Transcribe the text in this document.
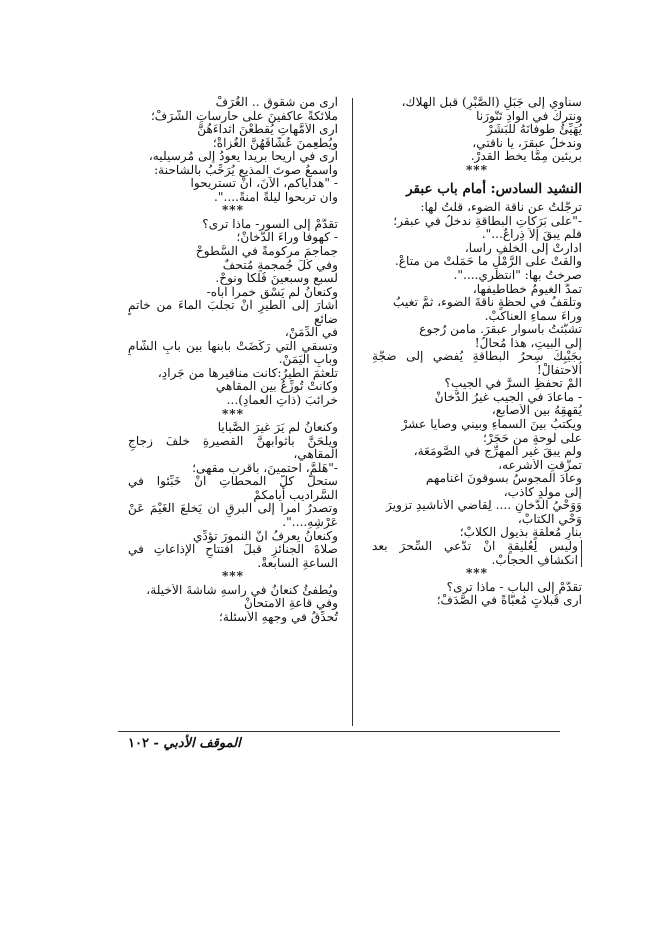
سنأوي إلى جَبَلِ (الصَّبْرِ) قبل الهلاك،
ونتركُ في الوادِ تَنُّورَنا
يُهَيِّئُ طوفانَهُ للبَشَرْ
وندخلُ عبقرَ، يا ناقتي،
بريئين مِمَّا يخطُّ القدرْ.
***
النشيد السادس: أمام باب عبقر
ترجَّلتُ عن ناقة الضوء، قلتُ لها:
-"على بَرَكاتِ البطاقةِ ندخلُ في عبقرٍ؛
فلم يبقَ إلاَّ ذِراعٌ...".
أدارتْ إلى الخلفِ رأساً،
وألقتْ على الرَّمْلِ ما حَمَلَتْ من متاعْ.
صرختُ بها: "انتظري....".
تمدُّ الغيومُ خطاطيفها،
وتلقفُ في لحظةٍ ناقةَ الضوء، ثمَّ تغيبُ
وراءَ سماءِ العناكبْ.
تشبَّثتُ بأسوار عبقرَ. مامن رُجوعٍ
إلى البيتِ، هذا مُحالُ!
بِجَيْبِكَ سِحرُ البطاقةِ يُفضي إلى ضجَّةِ الاحتفالْ!
ألمْ تحفظِ السرَّ في الجيبِ؟
- ماعادَ في الجيبِ غيرُ الدُّخانْ
يُقهقِهُ بين الأصابعِ،
ويكتبُ بينَ السماءِ وبيني وصايا عشرْ
على لوحةٍ من حَجَرْ؛
ولم يبقَ غير المهرِّج في الصَّومَعَة،
تمزَّقتِ الأشرعه،
وعادَ المجوسُ بسوقونَ أغنامهم
إلى مولدٍ كاذبٍ،
وَوَحْيُ الدُّخانِ .... لِقاضي الأناشيدِ تزويرَ
وَحْي الكتابْ،
بنارٍ مُعلَّقةٍ بذيول الكلابْ؛
وليس لِعُلَّيقةٍ أَنْ تدَّعي السِّحرَ بعد انكشافِ الحجابْ.
***
تقدَّمْ إلى البابِ - ماذا ترى؟
أرى قُبلاتٍ مُعبَّأةً في الصَّدَفْ؛
أرى من شقوقٍ .. الغُرَفْ
ملائكةً عاكفينَ على حارساتِ الشَّرَفْ؛
أرى الأمَّهاتِ يُقطِّعْنَ أثداءَهُنَّ
ويُطعِمنَ عُشَّاقَهُنَّ الغُزاةْ؛
أرى في أريحا بريداً يعودُ إلى مُرسيليه،
وأسمعُ صوتَ المذيعِ يُرَحِّبُ بالشاحنة:
- "هداياكم، الآنَ، أنْ تستريحوا
وأن تربحوا ليلةً آمنةً....".
***
تقدَّمْ إلى السورِ- ماذا ترى؟
- كهوفاً وراءَ الدُّخانْ؛
جماجمَ مركومةً في السُّطوحْ
وفي كُلِّ جُمجمةٍ مُتحفٌ
لسبعٍ وسبعينَ فُلكاً ونوحْ.
وكنعانُ لم يَسْقِ خمراً أباه-
أشارَ إلى الطيرِ أنْ تجلبَ الماءَ من خاتمٍ ضائعٍ
في الدِّمَنْ،
وتسقي التي رَكَضَتْ بابنها بين بابِ الشَّامِ وبابِ اليَمَنْ.
تلعثمَ الطيرُ:كانت مناقيرها من جَرادٍ،
وكانتْ تُوزِّعُ بين المقاهي
خرائبَ (ذاتِ العمادِ)...
***
وكنعانُ لم يَرَ غيرَ الصَّبايا
ويلْحَنَّ بأثوابهنَّ القصيرةِ خلفَ زجاجِ المقاهي،
-"هَلُمَّ، احتمينَ، بأقربِ مقهى؛
ستحلُّ كلُّ المحطاتِ أَنْ خَبِّئوا في السَّراديبِ أيامكمْ
وتصدرُ أمراً إلى البرقِ أن يَخلعَ الغَيْمَ عَنْ عَرْشِهِ....".
وكنعانُ يعرفُ أنَّ النمورَ تؤدِّي
صلاةَ الجنائزِ قبلَ افتتاحِ الإذاعاتِ في الساعةِ السابعةْ.
***
ويُطفئُ كنعانُ في رأسهِ شاشةَ الأخيلة،
وفي قاعةِ الامتحانْ
تُحدِّقُ في وجههِ الأسئلة؛
الموقف الأدبي - ١٠٢
